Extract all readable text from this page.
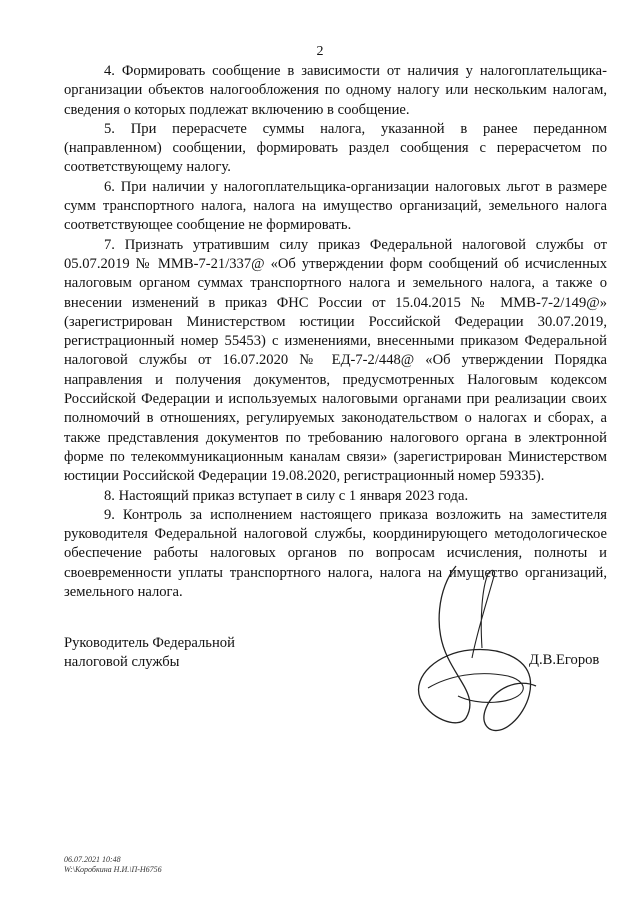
2

4. Формировать сообщение в зависимости от наличия у налогоплательщика-организации объектов налогообложения по одному налогу или нескольким налогам, сведения о которых подлежат включению в сообщение.

5. При перерасчете суммы налога, указанной в ранее переданном (направленном) сообщении, формировать раздел сообщения с перерасчетом по соответствующему налогу.

6. При наличии у налогоплательщика-организации налоговых льгот в размере сумм транспортного налога, налога на имущество организаций, земельного налога соответствующее сообщение не формировать.

7. Признать утратившим силу приказ Федеральной налоговой службы от 05.07.2019 № ММВ-7-21/337@ «Об утверждении форм сообщений об исчисленных налоговым органом суммах транспортного налога и земельного налога, а также о внесении изменений в приказ ФНС России от 15.04.2015 № ММВ-7-2/149@» (зарегистрирован Министерством юстиции Российской Федерации 30.07.2019, регистрационный номер 55453) с изменениями, внесенными приказом Федеральной налоговой службы от 16.07.2020 № ЕД-7-2/448@ «Об утверждении Порядка направления и получения документов, предусмотренных Налоговым кодексом Российской Федерации и используемых налоговыми органами при реализации своих полномочий в отношениях, регулируемых законодательством о налогах и сборах, а также представления документов по требованию налогового органа в электронной форме по телекоммуникационным каналам связи» (зарегистрирован Министерством юстиции Российской Федерации 19.08.2020, регистрационный номер 59335).

8. Настоящий приказ вступает в силу с 1 января 2023 года.

9. Контроль за исполнением настоящего приказа возложить на заместителя руководителя Федеральной налоговой службы, координирующего методологическое обеспечение работы налоговых органов по вопросам исчисления, полноты и своевременности уплаты транспортного налога, налога на имущество организаций, земельного налога.

Руководитель Федеральной
налоговой службы	Д.В.Егоров
06.07.2021 10:48
W:\Коробкина Н.И.\П-Н6756
